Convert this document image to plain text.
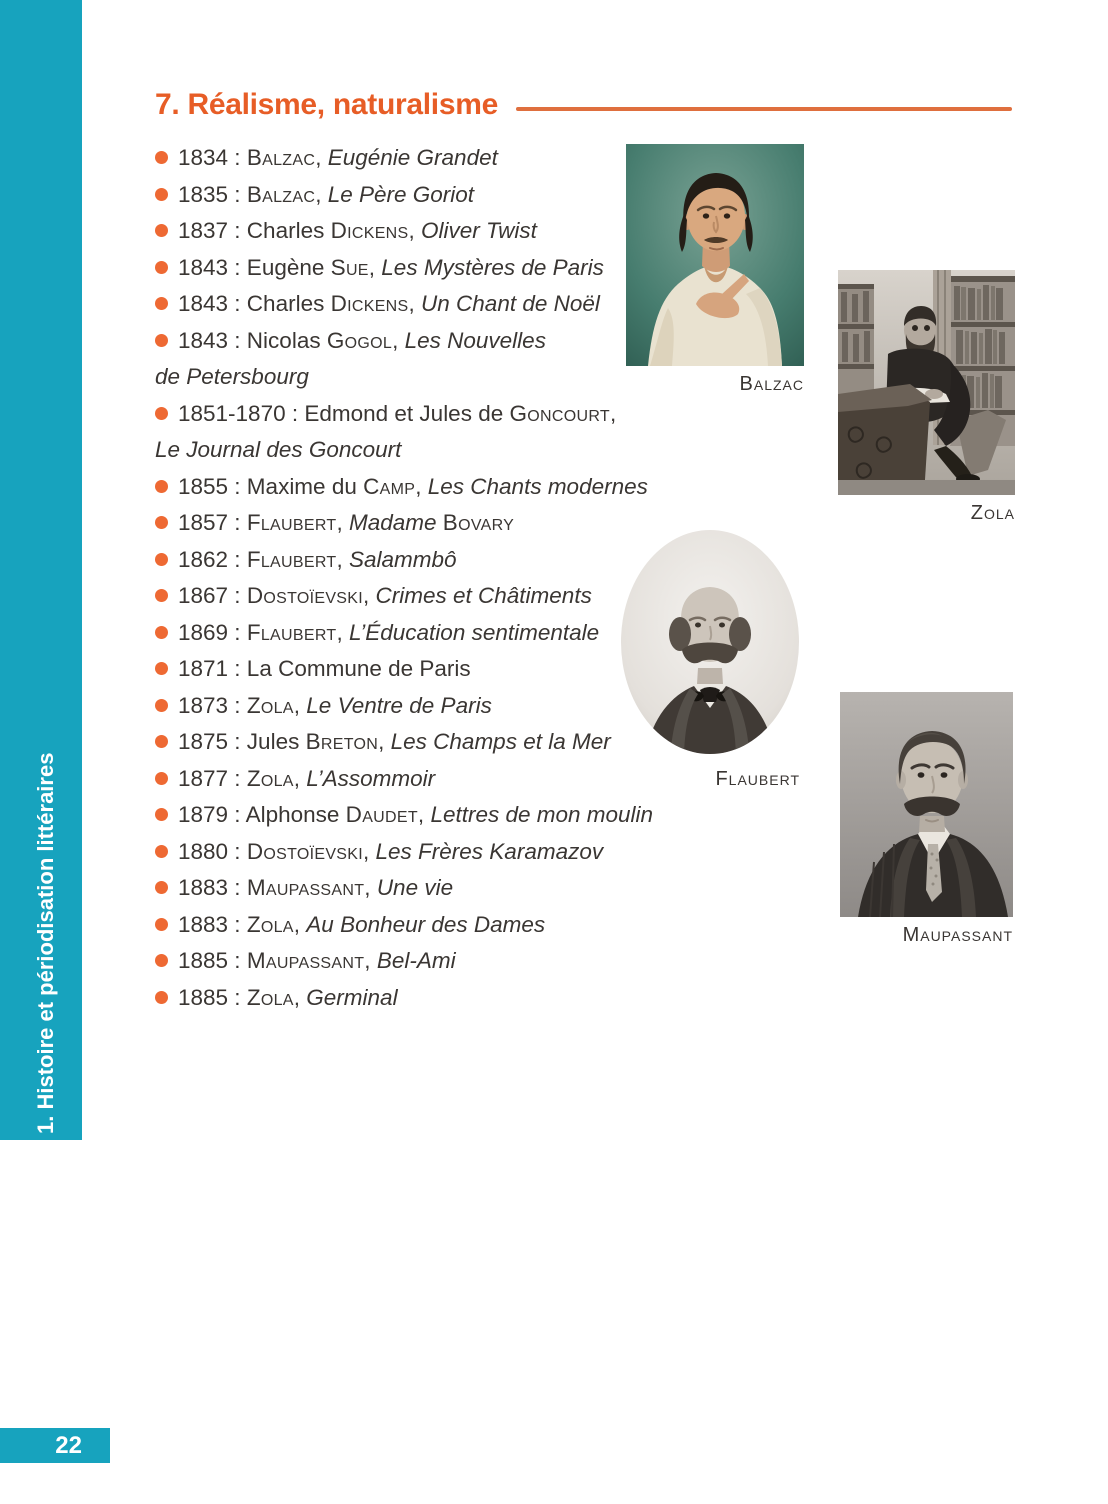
1. Histoire et périodisation littéraires
22
7. Réalisme, naturalisme
1834 : Balzac, Eugénie Grandet
1835 : Balzac, Le Père Goriot
1837 : Charles Dickens, Oliver Twist
1843 : Eugène Sue, Les Mystères de Paris
1843 : Charles Dickens, Un Chant de Noël
1843 : Nicolas Gogol, Les Nouvelles
de Petersbourg
1851-1870 : Edmond et Jules de Goncourt,
Le Journal des Goncourt
1855 : Maxime du Camp, Les Chants modernes
1857 : Flaubert, Madame Bovary
1862 : Flaubert, Salammbô
1867 : Dostoïevski, Crimes et Châtiments
1869 : Flaubert, L’Éducation sentimentale
1871 : La Commune de Paris
1873 : Zola, Le Ventre de Paris
1875 : Jules Breton, Les Champs et la Mer
1877 : Zola, L’Assommoir
1879 : Alphonse Daudet, Lettres de mon moulin
1880 : Dostoïevski, Les Frères Karamazov
1883 : Maupassant, Une vie
1883 : Zola, Au Bonheur des Dames
1885 : Maupassant, Bel-Ami
1885 : Zola, Germinal
Balzac
Zola
Flaubert
Maupassant
